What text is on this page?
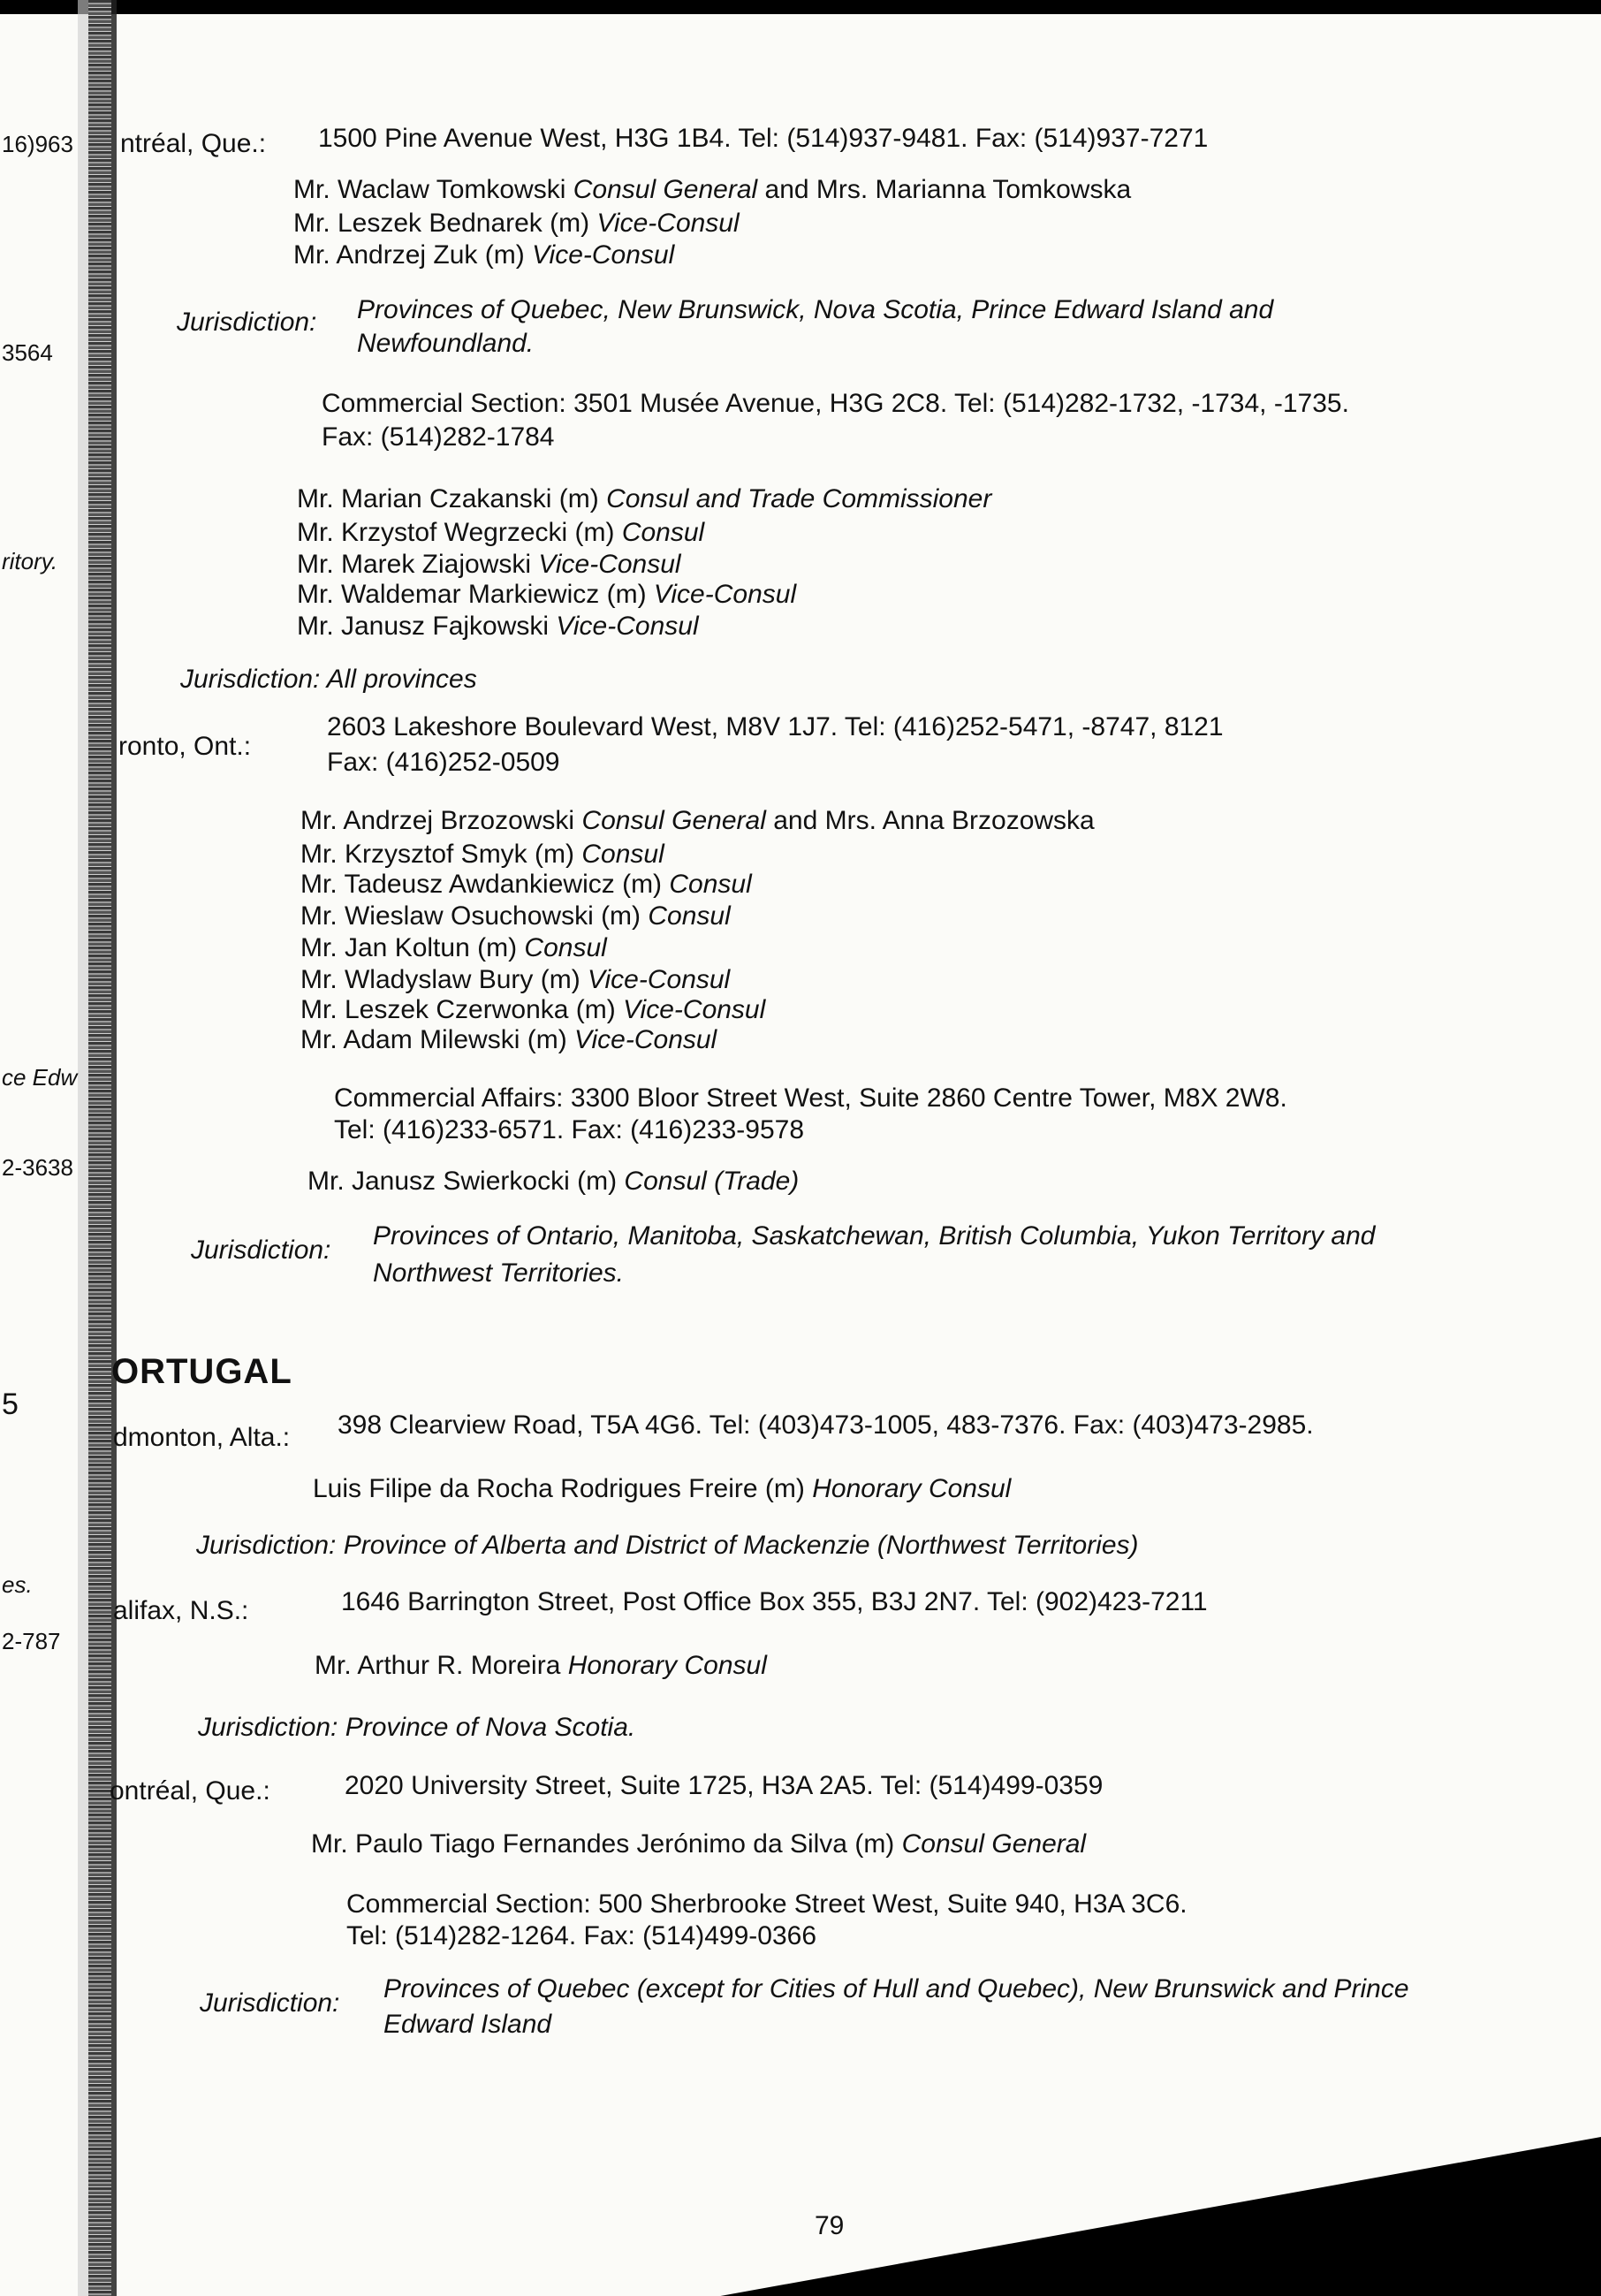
16)963
3564
ritory.
ce Edw
2-3638
5
es.
2-787
ntréal, Que.: 1500 Pine Avenue West, H3G 1B4. Tel: (514)937-9481. Fax: (514)937-7271
Mr. Waclaw Tomkowski Consul General and Mrs. Marianna Tomkowska
Mr. Leszek Bednarek (m) Vice-Consul
Mr. Andrzej Zuk (m) Vice-Consul
Jurisdiction: Provinces of Quebec, New Brunswick, Nova Scotia, Prince Edward Island and
Newfoundland.
Commercial Section: 3501 Musée Avenue, H3G 2C8. Tel: (514)282-1732, -1734, -1735.
Fax: (514)282-1784
Mr. Marian Czakanski (m) Consul and Trade Commissioner
Mr. Krzystof Wegrzecki (m) Consul
Mr. Marek Ziajowski Vice-Consul
Mr. Waldemar Markiewicz (m) Vice-Consul
Mr. Janusz Fajkowski Vice-Consul
Jurisdiction: All provinces
ronto, Ont.:
2603 Lakeshore Boulevard West, M8V 1J7. Tel: (416)252-5471, -8747, 8121
Fax: (416)252-0509
Mr. Andrzej Brzozowski Consul General and Mrs. Anna Brzozowska
Mr. Krzysztof Smyk (m) Consul
Mr. Tadeusz Awdankiewicz (m) Consul
Mr. Wieslaw Osuchowski (m) Consul
Mr. Jan Koltun (m) Consul
Mr. Wladyslaw Bury (m) Vice-Consul
Mr. Leszek Czerwonka (m) Vice-Consul
Mr. Adam Milewski (m) Vice-Consul
Commercial Affairs: 3300 Bloor Street West, Suite 2860 Centre Tower, M8X 2W8.
Tel: (416)233-6571. Fax: (416)233-9578
Mr. Janusz Swierkocki (m) Consul (Trade)
Jurisdiction: Provinces of Ontario, Manitoba, Saskatchewan, British Columbia, Yukon Territory and
Northwest Territories.
ORTUGAL
dmonton, Alta.: 398 Clearview Road, T5A 4G6. Tel: (403)473-1005, 483-7376. Fax: (403)473-2985.
Luis Filipe da Rocha Rodrigues Freire (m) Honorary Consul
Jurisdiction: Province of Alberta and District of Mackenzie (Northwest Territories)
alifax, N.S.:	1646 Barrington Street, Post Office Box 355, B3J 2N7. Tel: (902)423-7211
Mr. Arthur R. Moreira Honorary Consul
Jurisdiction: Province of Nova Scotia.
ontréal, Que.:	2020 University Street, Suite 1725, H3A 2A5. Tel: (514)499-0359
Mr. Paulo Tiago Fernandes Jerónimo da Silva (m) Consul General
Commercial Section: 500 Sherbrooke Street West, Suite 940, H3A 3C6.
Tel: (514)282-1264. Fax: (514)499-0366
Jurisdiction: Provinces of Quebec (except for Cities of Hull and Quebec), New Brunswick and Prince
Edward Island
79
